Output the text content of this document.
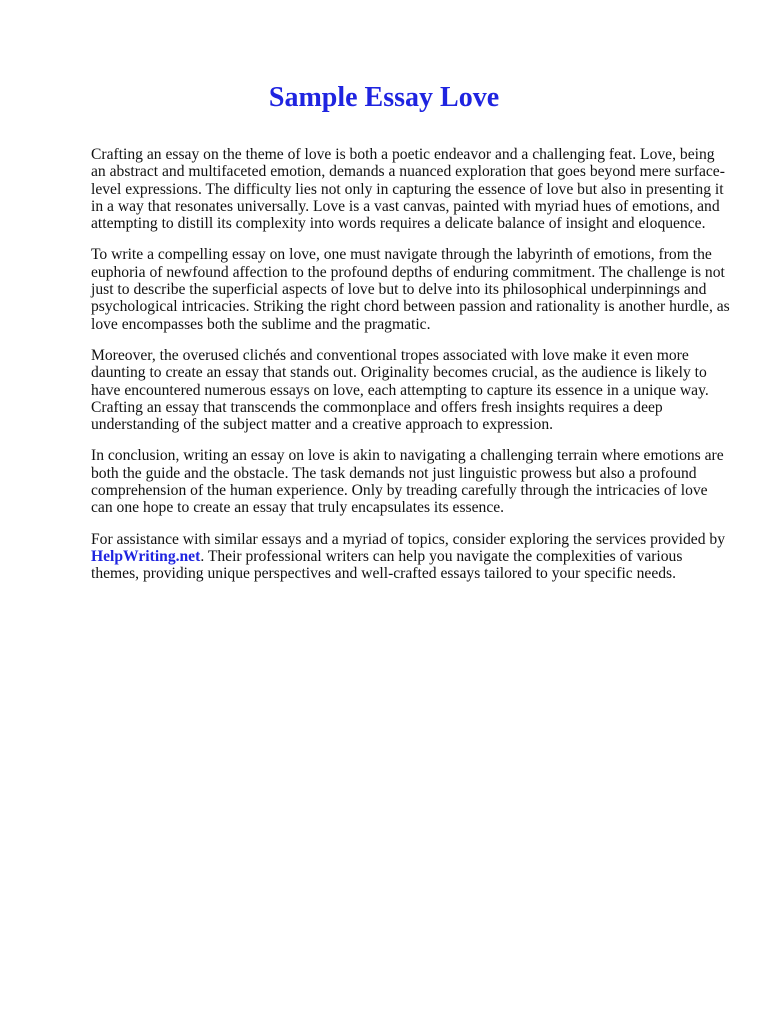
Sample Essay Love

Crafting an essay on the theme of love is both a poetic endeavor and a challenging feat. Love, being an abstract and multifaceted emotion, demands a nuanced exploration that goes beyond mere surface-level expressions. The difficulty lies not only in capturing the essence of love but also in presenting it in a way that resonates universally. Love is a vast canvas, painted with myriad hues of emotions, and attempting to distill its complexity into words requires a delicate balance of insight and eloquence.

To write a compelling essay on love, one must navigate through the labyrinth of emotions, from the euphoria of newfound affection to the profound depths of enduring commitment. The challenge is not just to describe the superficial aspects of love but to delve into its philosophical underpinnings and psychological intricacies. Striking the right chord between passion and rationality is another hurdle, as love encompasses both the sublime and the pragmatic.

Moreover, the overused clichés and conventional tropes associated with love make it even more daunting to create an essay that stands out. Originality becomes crucial, as the audience is likely to have encountered numerous essays on love, each attempting to capture its essence in a unique way. Crafting an essay that transcends the commonplace and offers fresh insights requires a deep understanding of the subject matter and a creative approach to expression.

In conclusion, writing an essay on love is akin to navigating a challenging terrain where emotions are both the guide and the obstacle. The task demands not just linguistic prowess but also a profound comprehension of the human experience. Only by treading carefully through the intricacies of love can one hope to create an essay that truly encapsulates its essence.

For assistance with similar essays and a myriad of topics, consider exploring the services provided by HelpWriting.net. Their professional writers can help you navigate the complexities of various themes, providing unique perspectives and well-crafted essays tailored to your specific needs.
